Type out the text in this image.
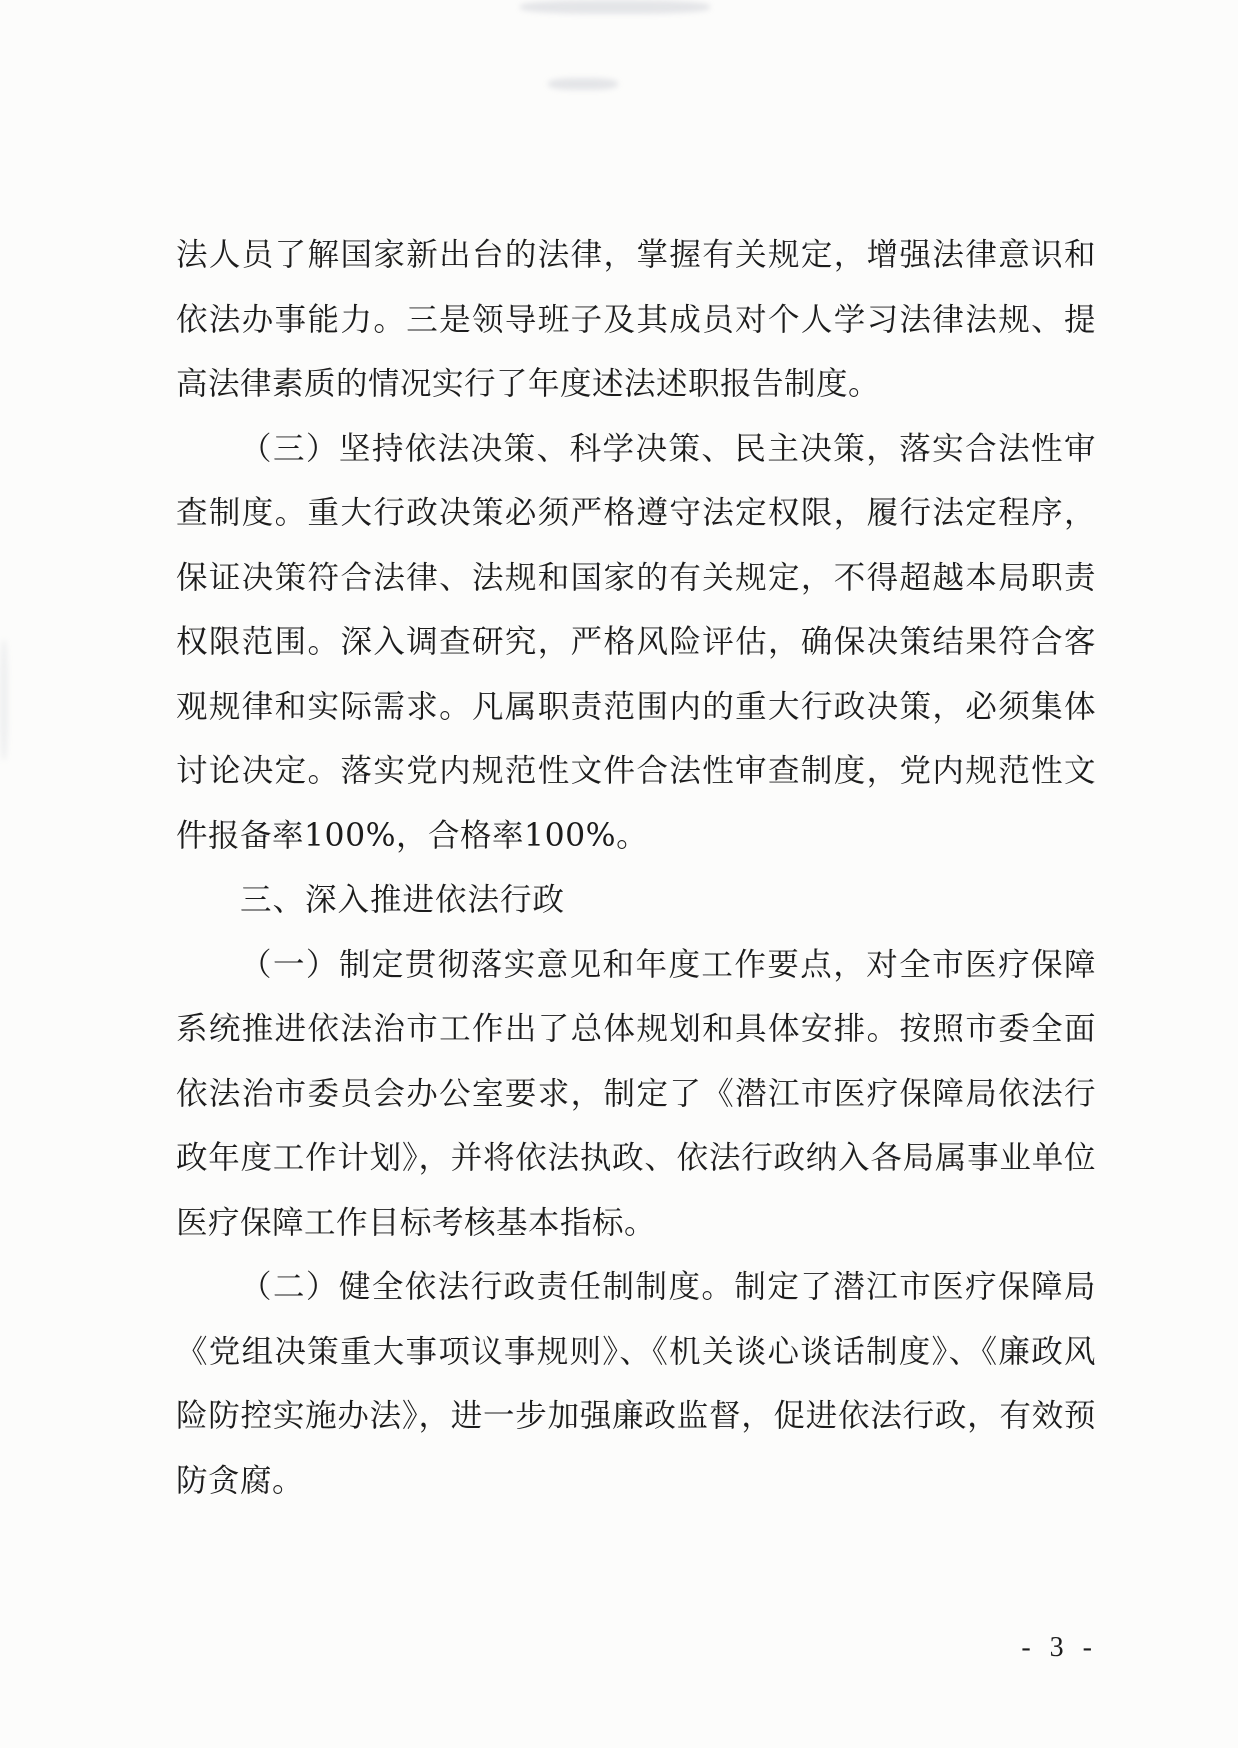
法人员了解国家新出台的法律，掌握有关规定，增强法律意识和依法办事能力。三是领导班子及其成员对个人学习法律法规、提高法律素质的情况实行了年度述法述职报告制度。

（三）坚持依法决策、科学决策、民主决策，落实合法性审查制度。重大行政决策必须严格遵守法定权限，履行法定程序，保证决策符合法律、法规和国家的有关规定，不得超越本局职责权限范围。深入调查研究，严格风险评估，确保决策结果符合客观规律和实际需求。凡属职责范围内的重大行政决策，必须集体讨论决定。落实党内规范性文件合法性审查制度，党内规范性文件报备率100%，合格率100%。

三、深入推进依法行政

（一）制定贯彻落实意见和年度工作要点，对全市医疗保障系统推进依法治市工作出了总体规划和具体安排。按照市委全面依法治市委员会办公室要求，制定了《潜江市医疗保障局依法行政年度工作计划》，并将依法执政、依法行政纳入各局属事业单位医疗保障工作目标考核基本指标。

（二）健全依法行政责任制制度。制定了潜江市医疗保障局《党组决策重大事项议事规则》、《机关谈心谈话制度》、《廉政风险防控实施办法》，进一步加强廉政监督，促进依法行政，有效预防贪腐。

- 3 -
